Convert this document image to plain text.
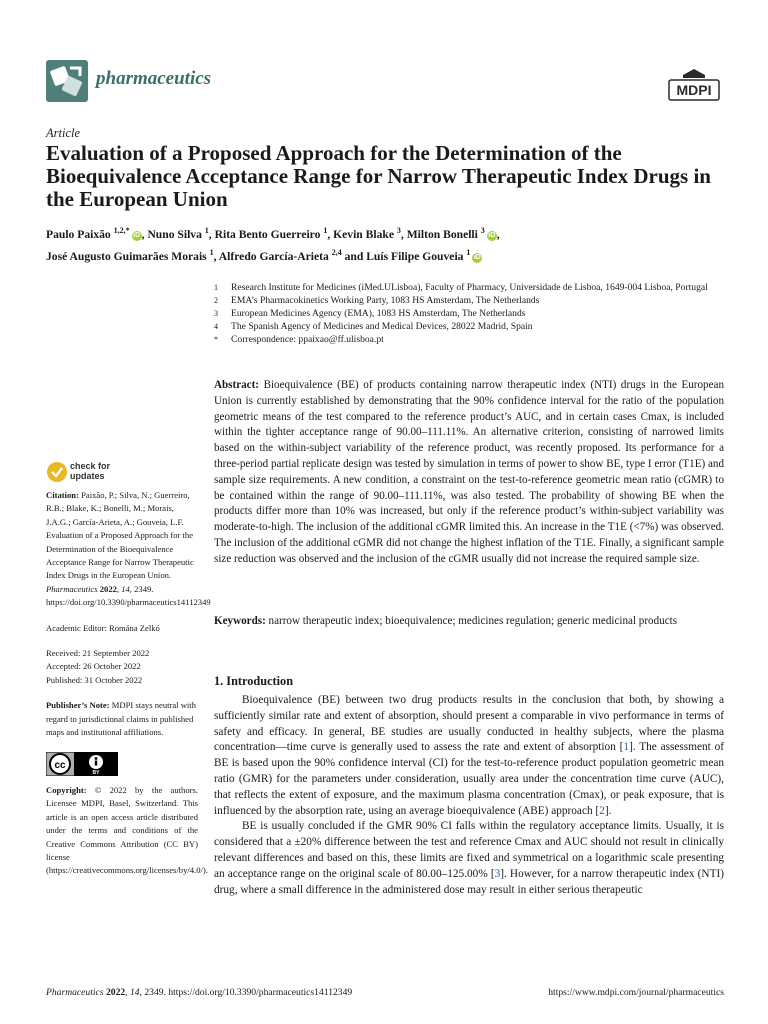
pharmaceutics
MDPI
Article
Evaluation of a Proposed Approach for the Determination of the Bioequivalence Acceptance Range for Narrow Therapeutic Index Drugs in the European Union
Paulo Paixão $^{1,2,*}$iD , Nuno Silva $^1$, Rita Bento Guerreiro $^1$, Kevin Blake $^3$, Milton Bonelli $^3$iD ,
José Augusto Guimarães Morais $^1$, Alfredo García-Arieta $^{2,4}$ and Luís Filipe Gouveia $^1$iD
1 Research Institute for Medicines (iMed.ULisboa), Faculty of Pharmacy, Universidade de Lisboa, 1649-004 Lisboa, Portugal
2 EMA’s Pharmacokinetics Working Party, 1083 HS Amsterdam, The Netherlands
3 European Medicines Agency (EMA), 1083 HS Amsterdam, The Netherlands
4 The Spanish Agency of Medicines and Medical Devices, 28022 Madrid, Spain
* Correspondence: ppaixao@ff.ulisboa.pt
Abstract: Bioequivalence (BE) of products containing narrow therapeutic index (NTI) drugs in the European Union is currently established by demonstrating that the 90% confidence interval for the ratio of the population geometric means of the test compared to the reference product’s AUC, and in certain cases Cmax, is included within the tighter acceptance range of 90.00–111.11%. An alternative criterion, consisting of narrowed limits based on the within-subject variability of the reference product, was recently proposed. Its performance for a three-period partial replicate design was tested by simulation in terms of power to show BE, type I error (T1E) and sample size requirements. A new condition, a constraint on the test-to-reference geometric mean ratio (cGMR) to be contained within the range of 90.00–111.11%, was also tested. The probability of showing BE when the products differ more than 10% was increased, but only if the reference product’s within-subject variability was moderate-to-high. The inclusion of the additional cGMR limited this. An increase in the T1E (<7%) was observed. The inclusion of the additional cGMR did not change the highest inflation of the T1E. Finally, a significant sample size reduction was observed and the inclusion of the cGMR usually did not increase the required sample size.
Keywords: narrow therapeutic index; bioequivalence; medicines regulation; generic medicinal products
check for
updates

Citation: Paixão, P.; Silva, N.; Guerreiro, R.B.; Blake, K.; Bonelli, M.; Morais, J.A.G.; García-Arieta, A.; Gouveia, L.F. Evaluation of a Proposed Approach for the Determination of the Bioequivalence Acceptance Range for Narrow Therapeutic Index Drugs in the European Union. Pharmaceutics 2022, 14, 2349. https://doi.org/10.3390/pharmaceutics14112349

Academic Editor: Romána Zelkó

Received: 21 September 2022

Accepted: 26 October 2022

Published: 31 October 2022

Publisher’s Note: MDPI stays neutral with regard to jurisdictional claims in published maps and institutional affiliations.

cc
BY

Copyright: © 2022 by the authors. Licensee MDPI, Basel, Switzerland. This article is an open access article distributed under the terms and conditions of the Creative Commons Attribution (CC BY) license (https://creativecommons.org/licenses/by/4.0/).

1. Introduction

Bioequivalence (BE) between two drug products results in the conclusion that both, by showing a sufficiently similar rate and extent of absorption, should present a comparable in vivo performance in terms of safety and efficacy. In general, BE studies are usually conducted in healthy subjects, where the plasma concentration—time curve is generally used to assess the rate and extent of absorption [1]. The assessment of BE is based upon the 90% confidence interval (CI) for the test-to-reference product population geometric mean ratio (GMR) for the parameters under consideration, usually area under the concentration time curve (AUC), that reflects the extent of exposure, and the maximum plasma concentration (Cmax), or peak exposure, that is influenced by the absorption rate, using an average bioequivalence (ABE) approach [2].

BE is usually concluded if the GMR 90% CI falls within the regulatory acceptance limits. Usually, it is considered that a ±20% difference between the test and reference Cmax and AUC should not result in clinically relevant differences and based on this, these limits are fixed and symmetrical on a logarithmic scale presenting an acceptance range on the original scale of 80.00–125.00% [3]. However, for a narrow therapeutic index (NTI) drug, where a small difference in the administered dose may result in either serious therapeutic

Pharmaceutics 2022, 14, 2349. https://doi.org/10.3390/pharmaceutics14112349	https://www.mdpi.com/journal/pharmaceutics
